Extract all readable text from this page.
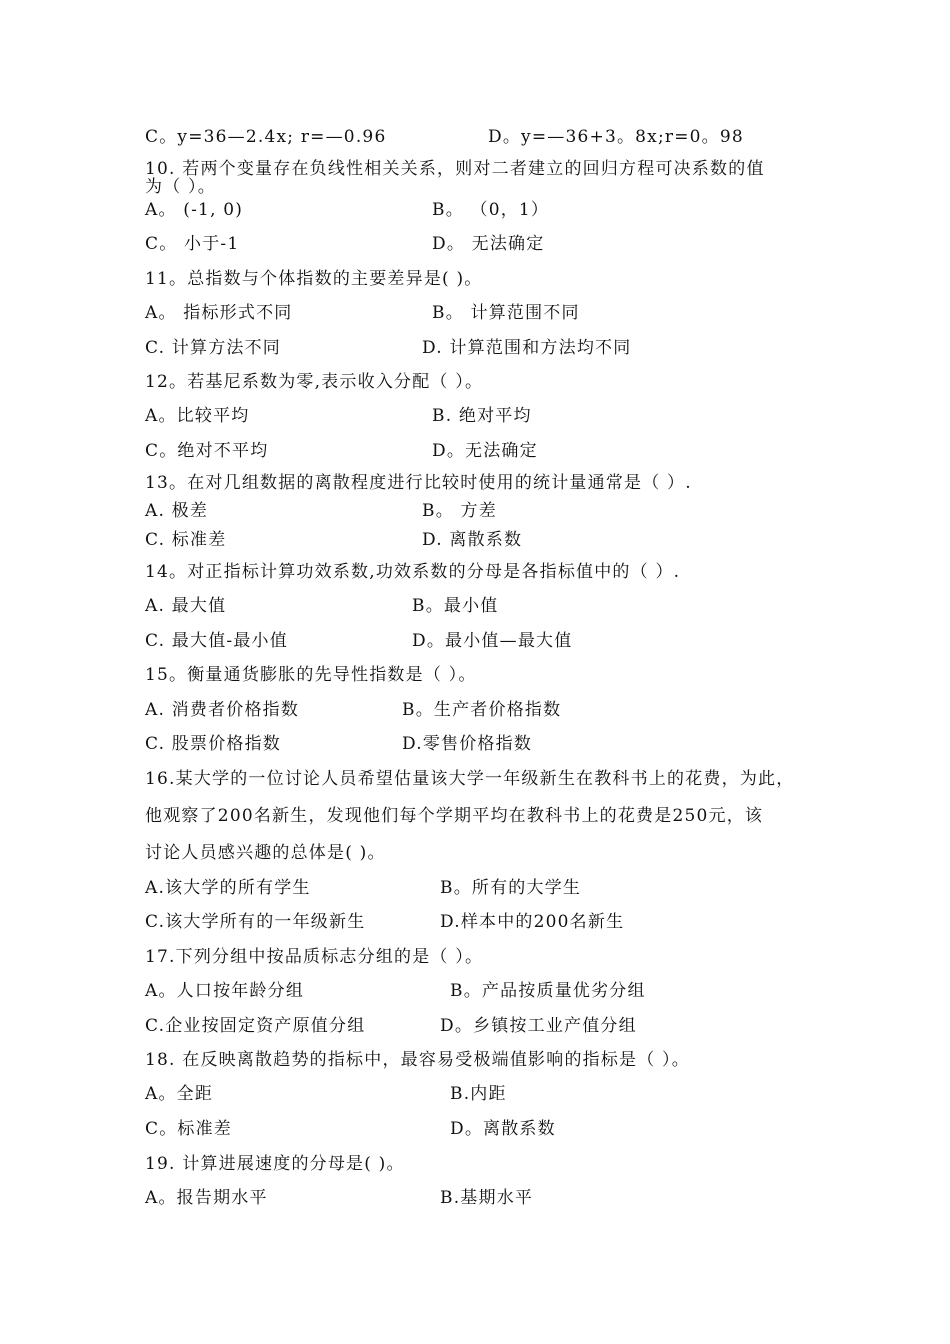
C。y=36—2.4x; r=—0.96	D。y=—36+3。8x;r=0。98
10. 若两个变量存在负线性相关关系，则对二者建立的回归方程可决系数的值
为（ ）。
A。 (-1, 0)	B。 （0，1）
C。 小于-1	D。 无法确定
11。总指数与个体指数的主要差异是( )。
A。 指标形式不同	B。 计算范围不同
C. 计算方法不同	D. 计算范围和方法均不同
12。若基尼系数为零,表示收入分配（ ）。
A。比较平均	B. 绝对平均
C。绝对不平均	D。无法确定
13。在对几组数据的离散程度进行比较时使用的统计量通常是（ ）.
A. 极差	B。 方差
C. 标准差	D. 离散系数
14。对正指标计算功效系数,功效系数的分母是各指标值中的（ ）.
A. 最大值	B。最小值
C. 最大值-最小值	D。最小值—最大值
15。衡量通货膨胀的先导性指数是（ ）。
A. 消费者价格指数	B。生产者价格指数
C. 股票价格指数	D.零售价格指数
16.某大学的一位讨论人员希望估量该大学一年级新生在教科书上的花费，为此，
他观察了200名新生，发现他们每个学期平均在教科书上的花费是250元，该
讨论人员感兴趣的总体是( )。
A.该大学的所有学生	B。所有的大学生
C.该大学所有的一年级新生	D.样本中的200名新生
17.下列分组中按品质标志分组的是（ ）。
A。人口按年龄分组	B。产品按质量优劣分组
C.企业按固定资产原值分组	D。乡镇按工业产值分组
18. 在反映离散趋势的指标中，最容易受极端值影响的指标是（ ）。
A。全距	B.内距
C。标准差	D。离散系数
19. 计算进展速度的分母是( )。
A。报告期水平	B.基期水平
